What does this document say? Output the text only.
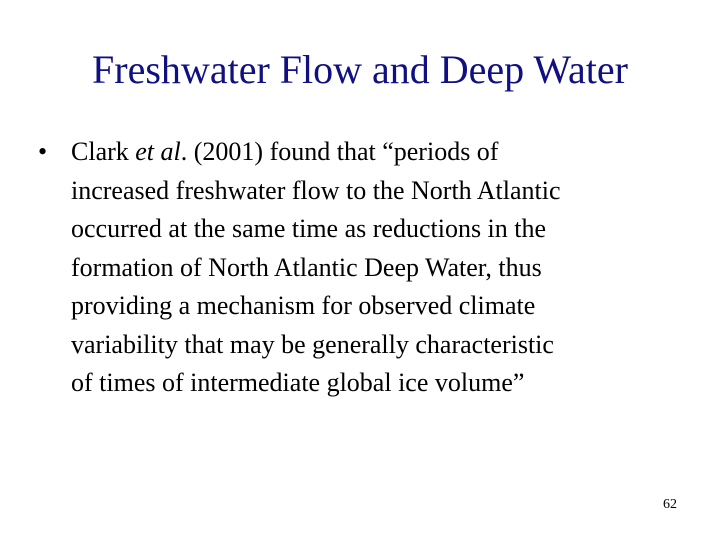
Freshwater Flow and Deep Water
• Clark et al. (2001) found that “periods of
increased freshwater flow to the North Atlantic
occurred at the same time as reductions in the
formation of North Atlantic Deep Water, thus
providing a mechanism for observed climate
variability that may be generally characteristic
of times of intermediate global ice volume”
62
